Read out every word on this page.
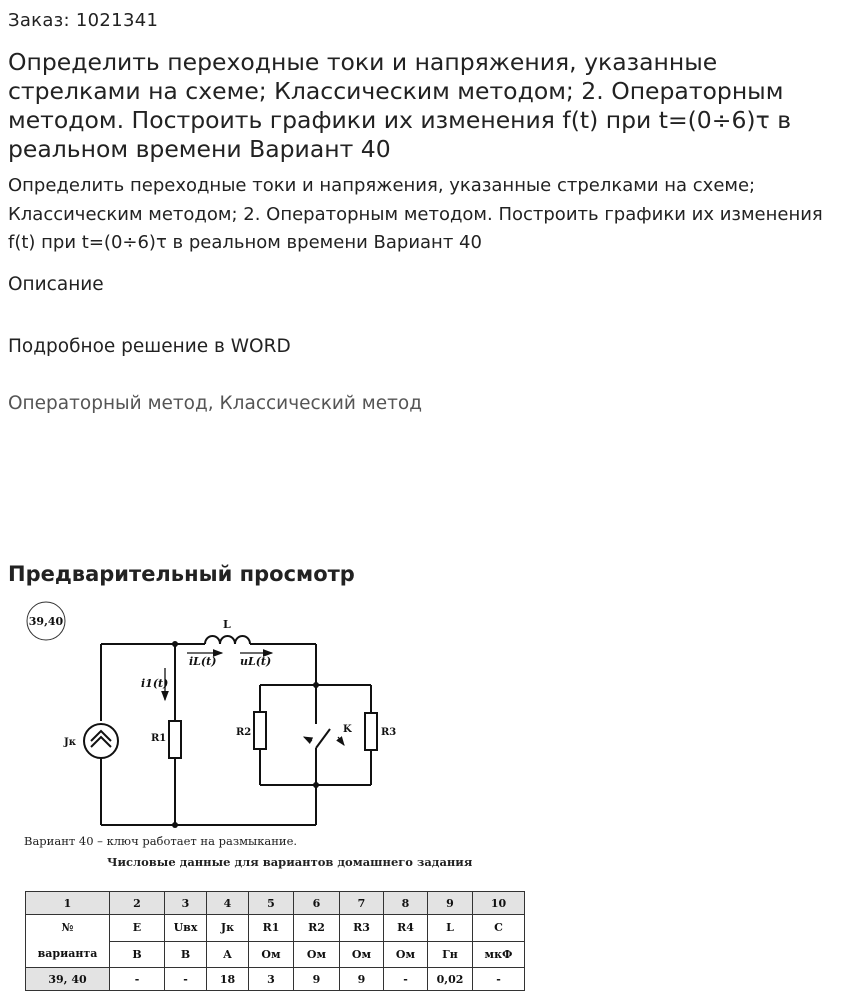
Заказ: 1021341
Определить переходные токи и напряжения, указанные стрелками на схеме; Классическим методом; 2. Операторным методом. Построить графики их изменения f(t) при t=(0÷6)τ в реальном времени Вариант 40
Определить переходные токи и напряжения, указанные стрелками на схеме; Классическим методом; 2. Операторным методом. Построить графики их изменения f(t) при t=(0÷6)τ в реальном времени Вариант 40
Описание
Подробное решение в WORD
Операторный метод, Классический метод
Предварительный просмотр
39,40	L
iL(t) uL(t)
i1(t)
Jк	R1
R2	R3
K
Вариант 40 – ключ работает на размыкание.
Числовые данные для вариантов домашнего задания
1	2	3	4	5	6	7	8	9	10

№
варианта	E	Uвх	Jк	R1	R2	R3	R4	L	C
	В	В	А	Ом	Ом	Ом	Ом	Гн	мкФ
39, 40	-	-	18	3	9	9	-	0,02	-
